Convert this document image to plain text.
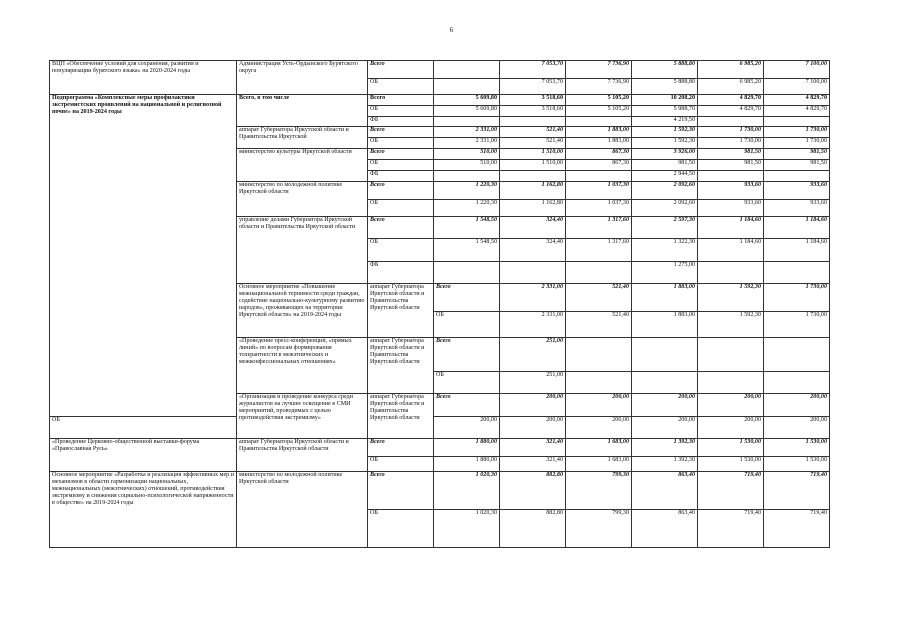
6
ВЦП «Обеспечение условий для сохранения, развития и популяризации бурятского языка» на 2020-2024 годы	Администрация Усть-Ордынского Бурятского округа	Всего		7 053,70	7 736,90	5 888,80	6 985,20	7 100,00	
		ОБ		7 053,70	7 736,90	5 888,80	6 985,20	7 100,00	
Подпрограмма «Комплексные меры профилактики экстремистских проявлений на национальной и религиозной почве» на 2019-2024 годы	Всего, в том числе	Всего	5 609,80	3 518,60	5 105,20	10 208,20	4 829,70	4 829,70	
		ОБ	5 609,80	3 518,60	5 105,20	5 988,70	4 829,70	4 829,70	
		ФБ				4 219,50			
	аппарат Губернатора Иркутской области и Правительства Иркутской	Всего	2 331,00	521,40	1 883,00	1 592,30	1 730,00	1 730,00	
		ОБ	2 331,00	521,40	1 883,00	1 592,30	1 730,00	1 730,00	
	министерство культуры Иркутской области	Всего	510,00	1 510,00	867,30	3 926,00	981,50	981,50	
		ОБ	510,00	1 510,00	867,30	981,50	981,50	981,50	
		ФБ				2 944,50			
	министерство по молодежной политике Иркутской области	Всего	1 220,30	1 162,80	1 037,30	2 092,60	933,60	933,60	
		ОБ	1 220,30	1 162,80	1 037,30	2 092,60	933,60	933,60	
	управление делами Губернатора Иркутской области и Правительства Иркутской области	Всего	1 548,50	324,40	1 317,60	2 597,30	1 184,60	1 184,60	
		ОБ	1 548,50	324,40	1 317,60	1 322,30	1 184,60	1 184,60	
		ФБ				1 275,00			
	Основное мероприятие «Повышение межнациональной терпимости среди граждан, содействие национально-культурному развитию народов», проживающих на территории Иркутской области» на 2019-2024 годы	аппарат Губернатора Иркутской области и Правительства Иркутской области	Всего	2 331,00	521,40	1 883,00	1 592,30	1 730,00	
			ОБ	2 331,00	521,40	1 883,00	1 592,30	1 730,00	
	«Проведение пресс-конференций, «прямых линий» по вопросам формирования толерантности в межэтнических и межконфессиональных отношениях»	аппарат Губернатора Иркутской области и Правительства Иркутской области	Всего	251,00					
			ОБ	251,00					
	«Организация и проведение конкурса среди журналистов на лучшее освещение в СМИ мероприятий, проводимых с целью противодействия экстремизму»	аппарат Губернатора Иркутской области и Правительства Иркутской области	Всего	200,00	200,00	200,00	200,00	200,00	
ОБ			200,00	200,00	200,00	200,00	200,00	200,00	
«Проведение Церковно-общественной выставки-форума «Православная Русь»	аппарат Губернатора Иркутской области и Правительства Иркутской области	Всего	1 880,00	321,40	1 683,00	1 392,30	1 530,00	1 530,00	
		ОБ	1 880,00	321,40	1 683,00	1 392,30	1 530,00	1 530,00	
Основное мероприятие «Разработка и реализация эффективных мер и механизмов в области гармонизации национальных, межнациональных (межэтнических) отношений, противодействия экстремизму и снижения социально-психологической напряженности в обществе» на 2019-2024 годы	министерство по молодежной политике Иркутской области	Всего	1 020,30	882,80	799,30	863,40	719,40	719,40	
		ОБ	1 020,30	882,80	799,30	863,40	719,40	719,40	
